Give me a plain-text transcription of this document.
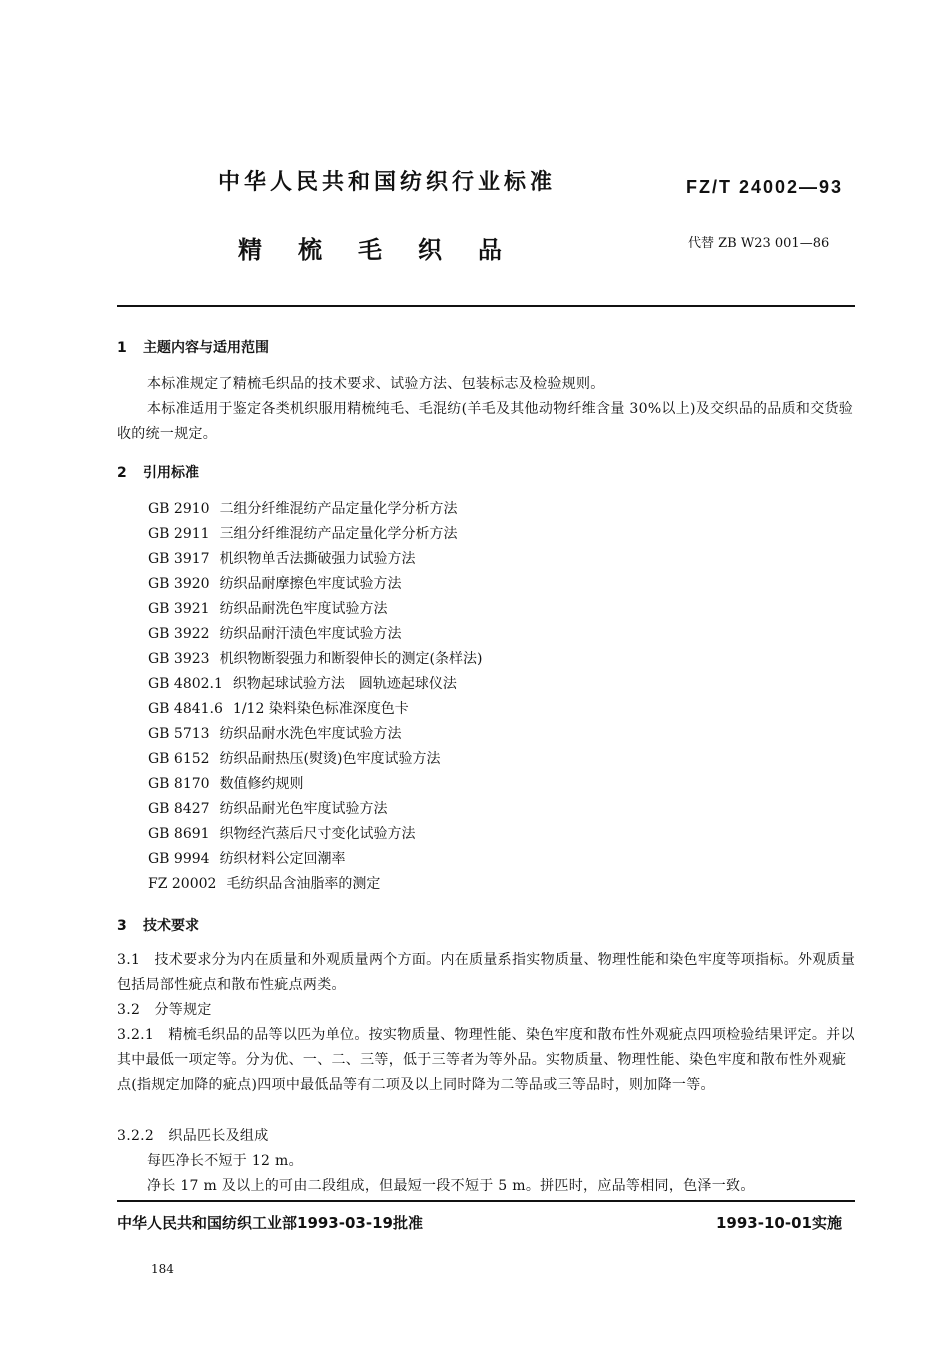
中华人民共和国纺织行业标准	FZ/T 24002—93
精梳毛织品	代替 ZB W23 001—86
1 主题内容与适用范围
本标准规定了精梳毛织品的技术要求、试验方法、包装标志及检验规则。
本标准适用于鉴定各类机织服用精梳纯毛、毛混纺(羊毛及其他动物纤维含量 30%以上)及交织品的品质和交货验收的统一规定。
2 引用标准
GB 2910 二组分纤维混纺产品定量化学分析方法
GB 2911 三组分纤维混纺产品定量化学分析方法
GB 3917 机织物单舌法撕破强力试验方法
GB 3920 纺织品耐摩擦色牢度试验方法
GB 3921 纺织品耐洗色牢度试验方法
GB 3922 纺织品耐汗渍色牢度试验方法
GB 3923 机织物断裂强力和断裂伸长的测定(条样法)
GB 4802.1 织物起球试验方法　圆轨迹起球仪法
GB 4841.6 1/12 染料染色标准深度色卡
GB 5713 纺织品耐水洗色牢度试验方法
GB 6152 纺织品耐热压(熨烫)色牢度试验方法
GB 8170 数值修约规则
GB 8427 纺织品耐光色牢度试验方法
GB 8691 织物经汽蒸后尺寸变化试验方法
GB 9994 纺织材料公定回潮率
FZ 20002 毛纺织品含油脂率的测定
3 技术要求
3.1　技术要求分为内在质量和外观质量两个方面。内在质量系指实物质量、物理性能和染色牢度等项指标。外观质量包括局部性疵点和散布性疵点两类。
3.2　分等规定
3.2.1　精梳毛织品的品等以匹为单位。按实物质量、物理性能、染色牢度和散布性外观疵点四项检验结果评定。并以其中最低一项定等。分为优、一、二、三等，低于三等者为等外品。实物质量、物理性能、染色牢度和散布性外观疵点(指规定加降的疵点)四项中最低品等有二项及以上同时降为二等品或三等品时，则加降一等。
3.2.2　织品匹长及组成
每匹净长不短于 12 m。
净长 17 m 及以上的可由二段组成，但最短一段不短于 5 m。拼匹时，应品等相同，色泽一致。
中华人民共和国纺织工业部1993-03-19批准	1993-10-01实施
184
